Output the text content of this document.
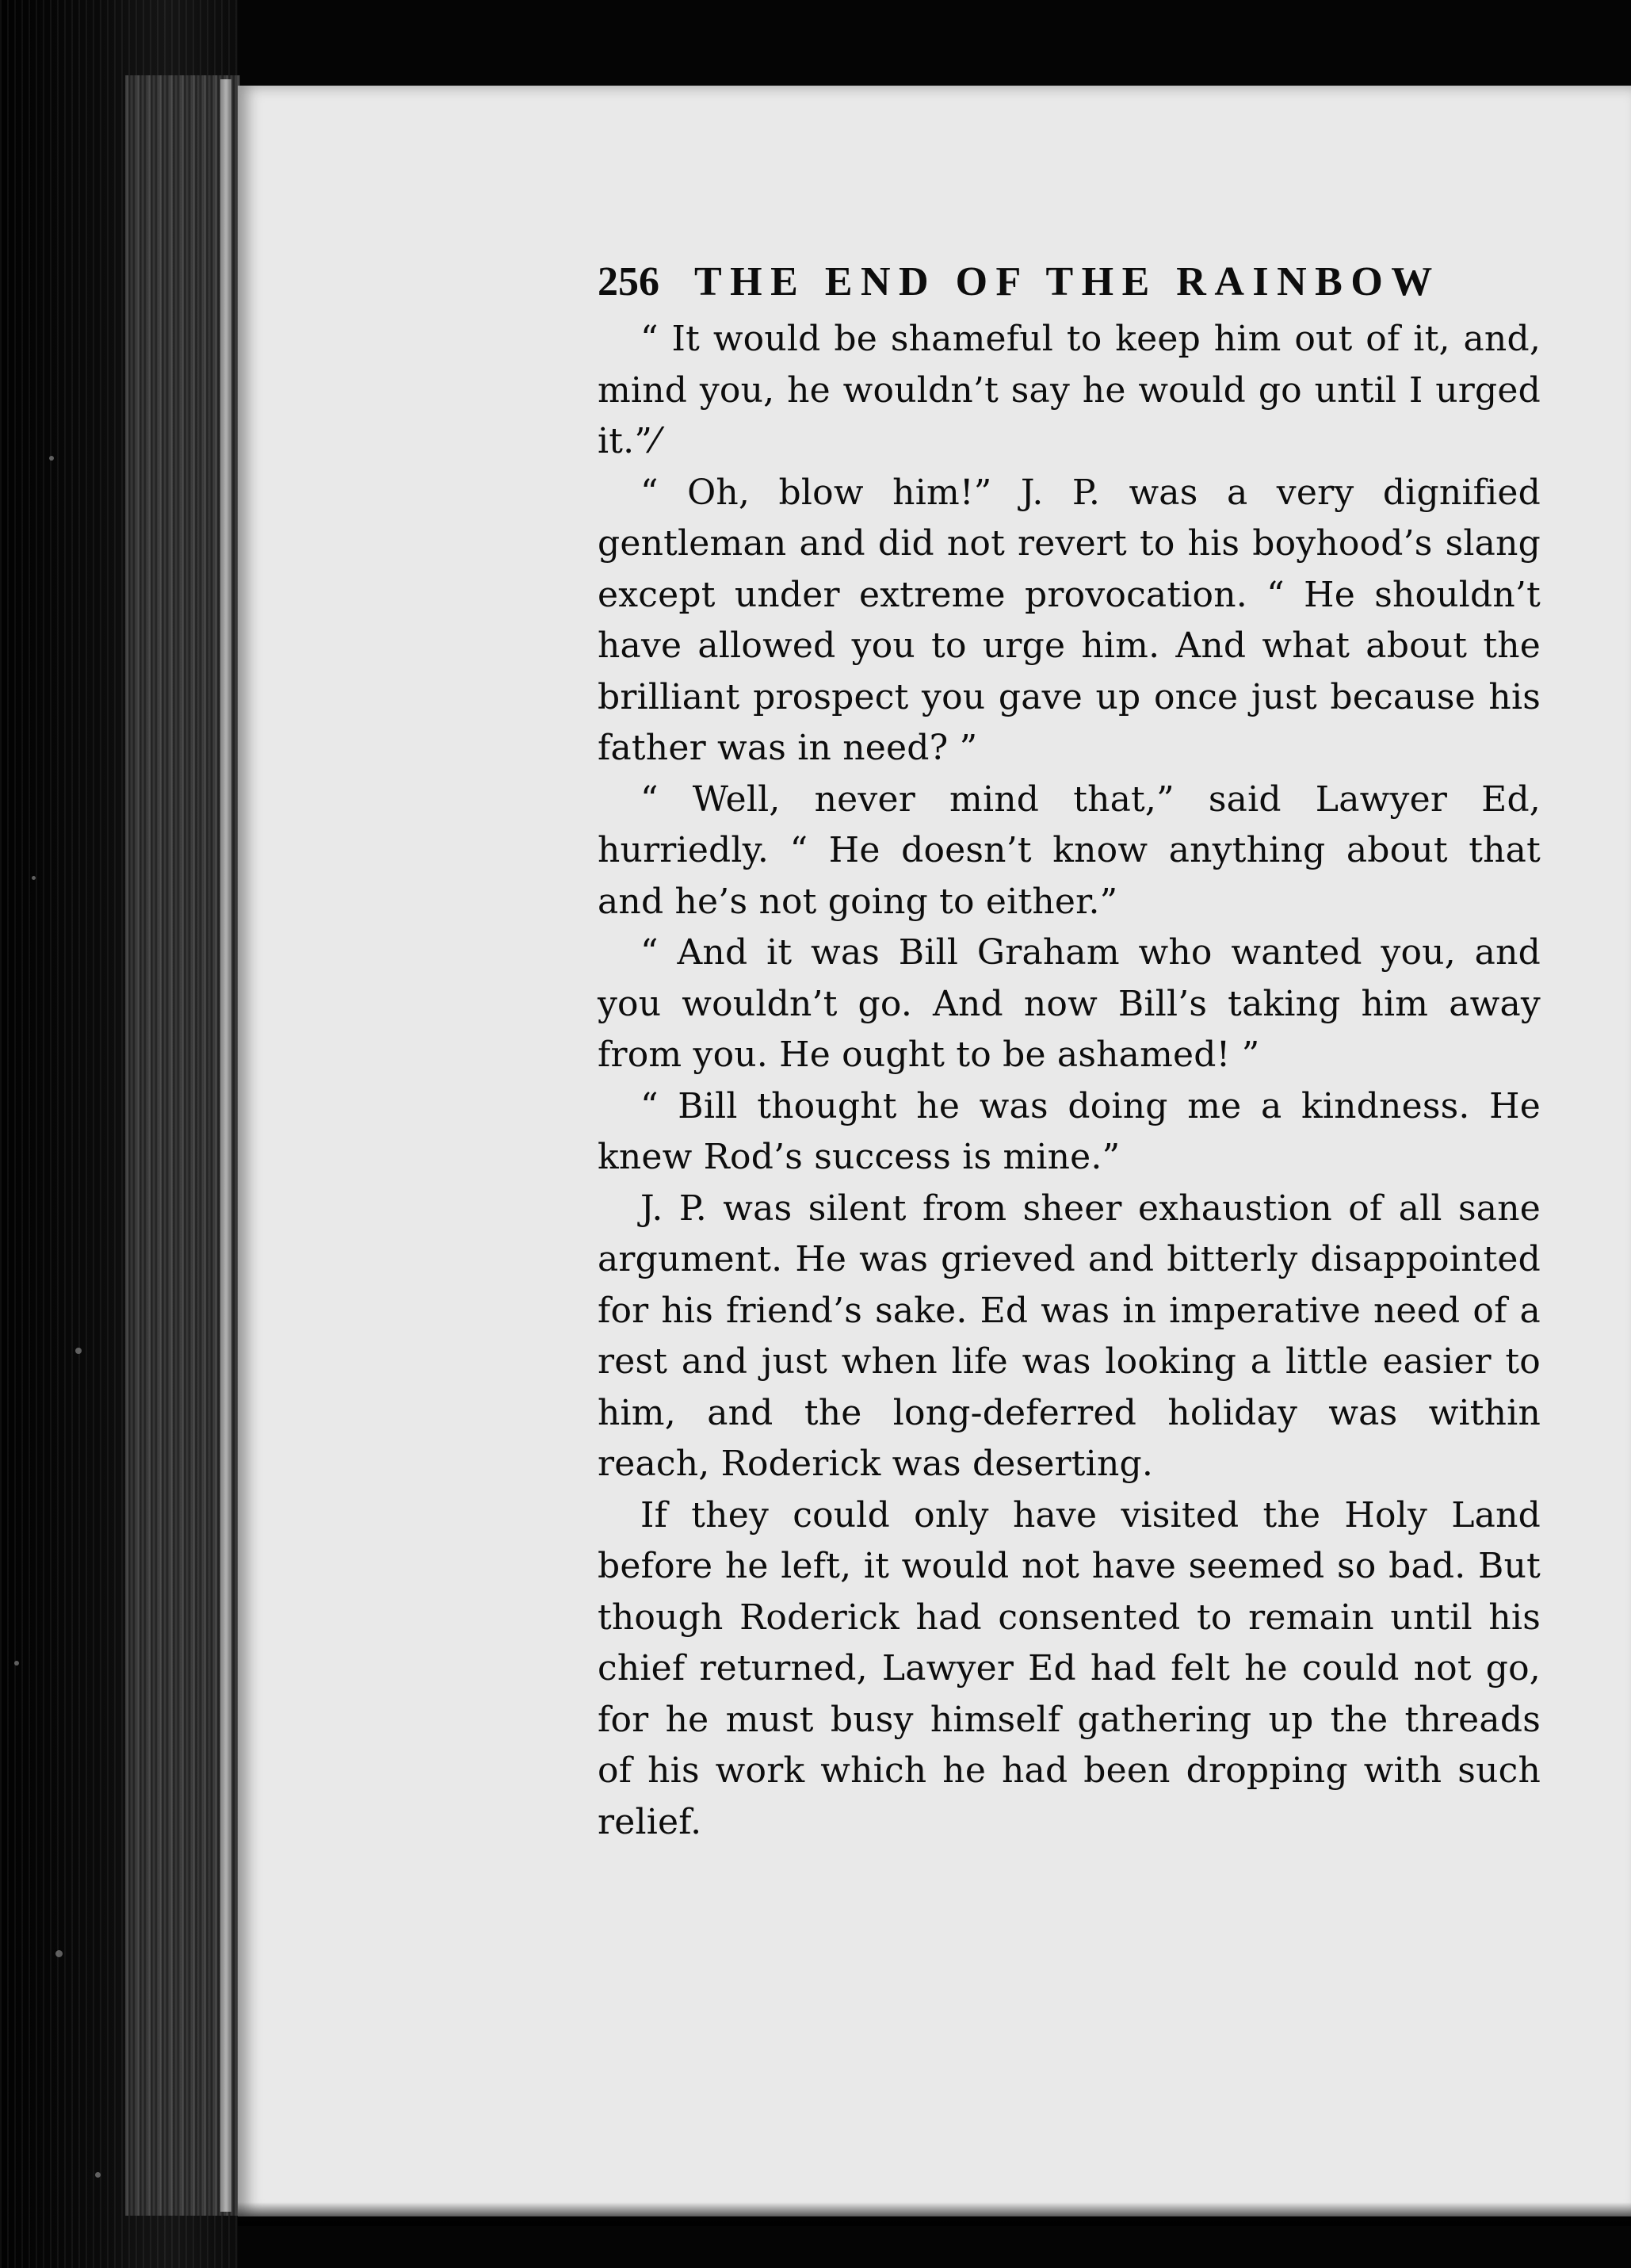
256 THE END OF THE RAINBOW

“ It would be shameful to keep him out of it, and, mind you, he wouldn’t say he would go until I urged it.”⁄

“ Oh, blow him!” J. P. was a very dignified gentleman and did not revert to his boyhood’s slang except under extreme provocation. “ He shouldn’t have allowed you to urge him. And what about the brilliant prospect you gave up once just because his father was in need? ”

“ Well, never mind that,” said Lawyer Ed, hurriedly. “ He doesn’t know anything about that and he’s not going to either.”

“ And it was Bill Graham who wanted you, and you wouldn’t go. And now Bill’s taking him away from you. He ought to be ashamed! ”

“ Bill thought he was doing me a kindness. He knew Rod’s success is mine.”

J. P. was silent from sheer exhaustion of all sane argument. He was grieved and bitterly disappointed for his friend’s sake. Ed was in imperative need of a rest and just when life was looking a little easier to him, and the long-deferred holiday was within reach, Roderick was deserting.

If they could only have visited the Holy Land before he left, it would not have seemed so bad. But though Roderick had consented to remain until his chief returned, Lawyer Ed had felt he could not go, for he must busy himself gathering up the threads of his work which he had been dropping with such relief.
